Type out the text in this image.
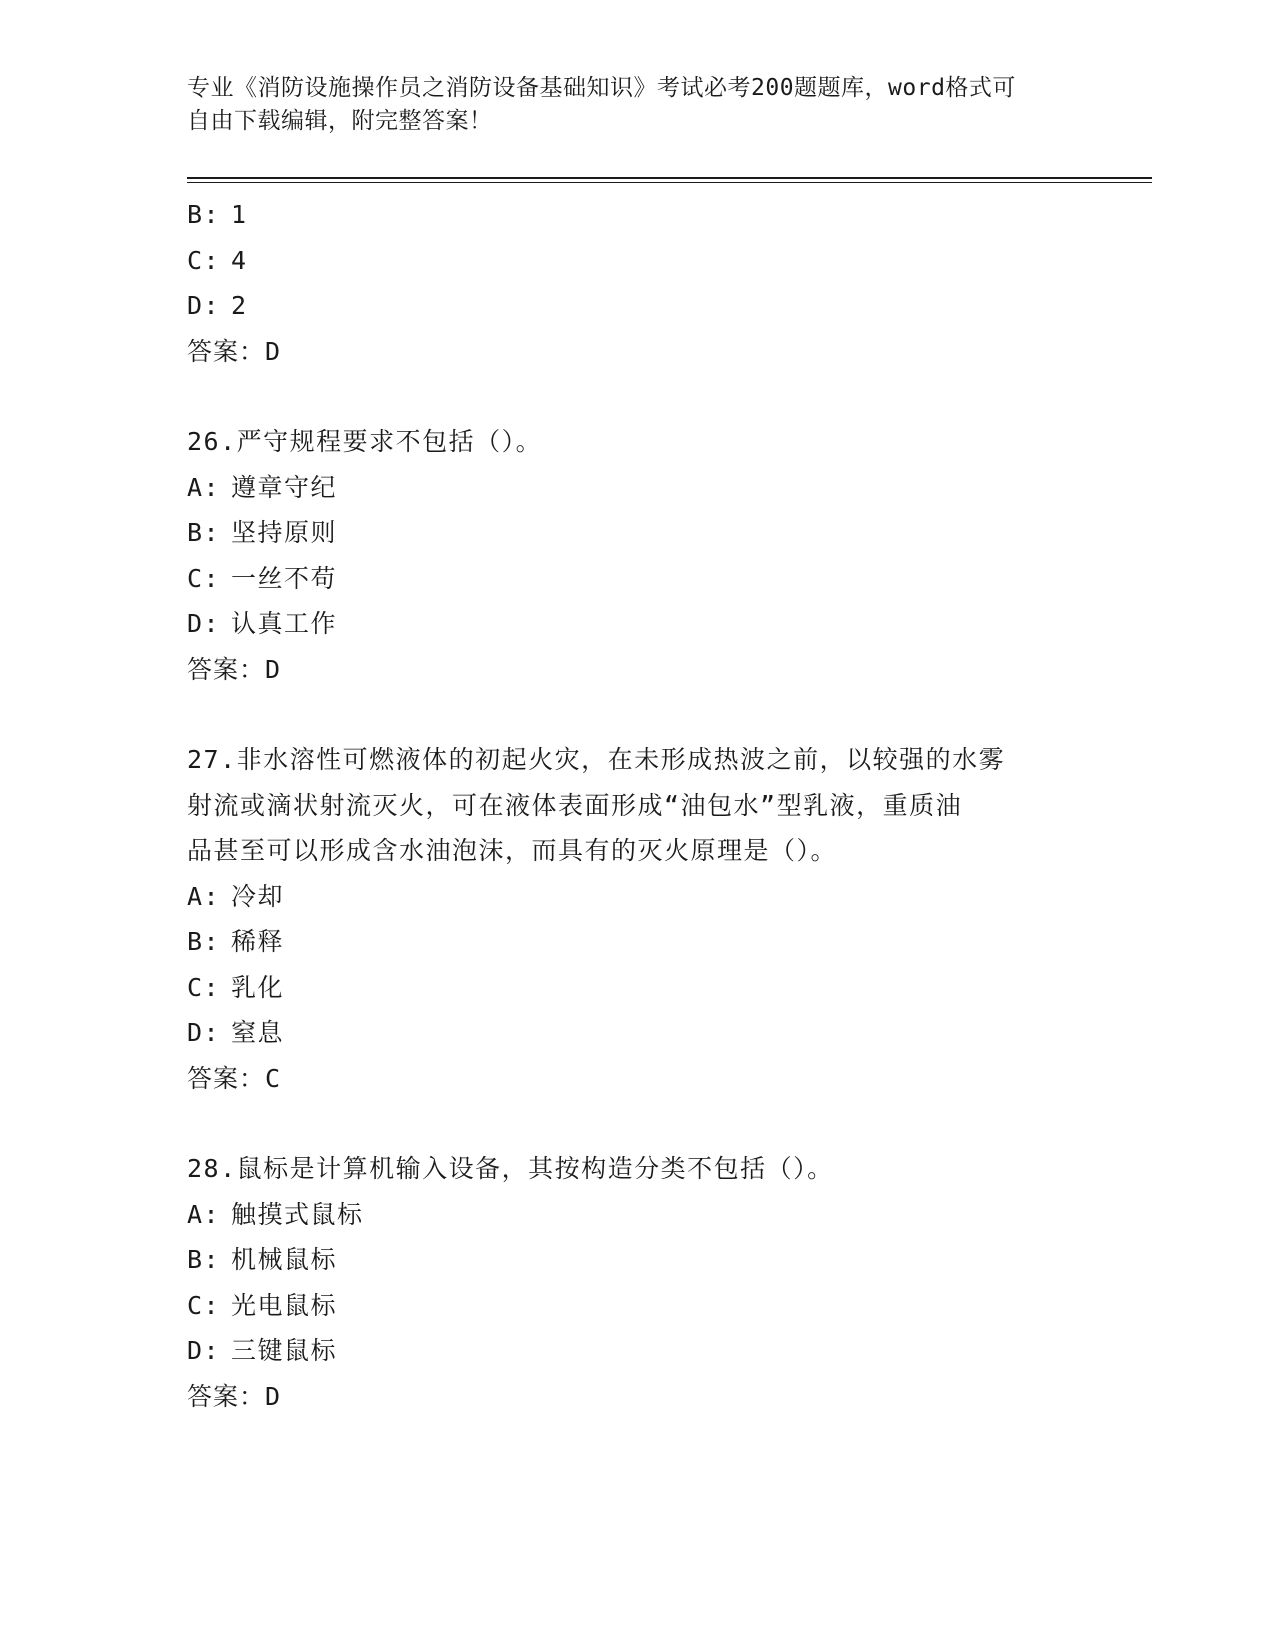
专业《消防设施操作员之消防设备基础知识》考试必考200题题库，word格式可
自由下载编辑，附完整答案！
B: 1
C: 4
D: 2
答案：D
26.严守规程要求不包括（）。
A: 遵章守纪
B: 坚持原则
C: 一丝不苟
D: 认真工作
答案：D
27.非水溶性可燃液体的初起火灾，在未形成热波之前，以较强的水雾
射流或滴状射流灭火，可在液体表面形成“油包水”型乳液，重质油
品甚至可以形成含水油泡沫，而具有的灭火原理是（）。
A: 冷却
B: 稀释
C: 乳化
D: 窒息
答案：C
28.鼠标是计算机输入设备，其按构造分类不包括（）。
A: 触摸式鼠标
B: 机械鼠标
C: 光电鼠标
D: 三键鼠标
答案：D
